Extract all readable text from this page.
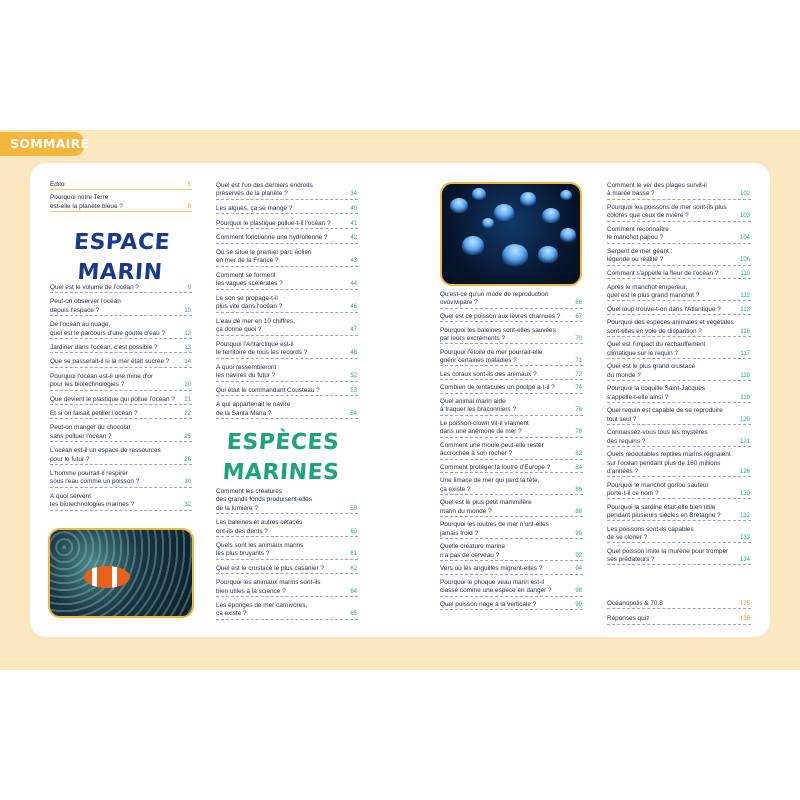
SOMMAIRE
ESPACE
MARIN
ESPÈCES
MARINES
Édito	5
Pourquoi notre Terre
est-elle la planète bleue ?	6
Quel est le volume de l'océan ?	9
Peut-on observer l'océan
depuis l'espace ?	10
De l'océan au nuage,
quel est le parcours d'une goutte d'eau ?	12
Jardiner dans l'océan, c'est possible ?	13
Que se passerait-il si la mer était sucrée ?	14
Pourquoi l'océan est-il une mine d'or
pour les biotechnologies ?	20
Que devient le plastique qui pollue l'océan ?	21
Et si on faisait pétiller l'océan ?	22
Peut-on manger du chocolat
sans polluer l'océan ?	25
L'océan est-il un espace de ressources
pour le futur ?	26
L'homme pourrait-il respirer
sous l'eau comme un poisson ?	30
À quoi servent
les biotechnologies marines ?	32
Quel est l'un des derniers endroits
préservés de la planète ?	34
Les algues, ça se mange ?	40
Pourquoi le plastique pollue-t-il l'océan ?	41
Comment fonctionne une hydrolienne ?	42
Où se situe le premier parc éolien
en mer de la France ?	43
Comment se forment
les vagues scélérates ?	44
Le son se propage-t-il
plus vite dans l'océan ?	46
L'eau de mer en 10 chiffres,
ça donne quoi ?	47
Pourquoi l'Antarctique est-il
le territoire de tous les records ?	48
À quoi ressembleront
les navires du futur ?	52
Qui était le commandant Cousteau ?	53
À qui appartenait le navire
de la Santa Maria ?	54
Comment les créatures
des grands fonds produisent-elles
de la lumière ?	59
Les baleines et autres cétacés
ont-ils des dents ?	60
Quels sont les animaux marins
les plus bruyants ?	61
Quel est le crustacé le plus casanier ?	62
Pourquoi les animaux marins sont-ils
bien utiles à la science ?	64
Les éponges de mer carnivores,
ça existe ?	65
Qu'est-ce qu'un mode de reproduction
ovovivipare ?	66
Quel est ce poisson aux lèvres charnues ?	67
Pourquoi les baleines sont-elles sauvées
par leurs excréments ?	70
Pourquoi l'étoile de mer pourrait-elle
guérir certaines maladies ?	71
Les coraux sont-ils des animaux ?	72
Combien de tentacules un poulpe a-t-il ?	74
Quel animal marin aide
à traquer les braconniers ?	76
Le poisson-clown vit-il vraiment
dans une anémone de mer ?	78
Comment une moule peut-elle rester
accrochée à son rocher ?	82
Comment protéger la loutre d'Europe ?	84
Une limace de mer qui perd la tête,
ça existe ?	86
Quel est le plus petit mammifère
marin du monde ?	88
Pourquoi les loutres de mer n'ont-elles
jamais froid ?	90
Quelle créature marine
n'a pas de cerveau ?	92
Vers où les anguilles migrent-elles ?	94
Pourquoi le phoque veau marin est-il
classé comme une espèce en danger ?	98
Quel poisson nage à la verticale ?	99
Comment le ver des plages survit-il
à marée basse ?	102
Pourquoi les poissons de mer sont-ils plus
colorés que ceux de rivière ?	103
Comment reconnaître
le manchot papou ?	104
Serpent de mer géant :
légende ou réalité ?	106
Comment s'appelle la fleur de l'océan ?	110
Après le manchot empereur,
quel est le plus grand manchot ?	112
Quel loup trouve-t-on dans l'Atlantique ?	113
Pourquoi des espèces animales et végétales
sont-elles en voie de disparition ?	116
Quel est l'impact du réchauffement
climatique sur le requin ?	117
Quel est le plus grand crustacé
du monde ?	118
Pourquoi la coquille Saint-Jacques
s'appelle-t-elle ainsi ?	119
Quel requin est capable de se reproduire
tout seul ?	120
Connaissez-vous tous les mystères
des requins ?	121
Quels redoutables reptiles marins régnaient
sur l'océan pendant plus de 160 millions
d'années ?	126
Pourquoi le manchot gorfou sauteur
porte-t-il ce nom ?	130
Pourquoi la sardine était-elle bien utile
pendant plusieurs siècles en Bretagne ?	132
Les poissons sont-ils capables
de se cloner ?	133
Quel poisson imite la murène pour tromper
ses prédateurs ?	134
Océanopolis & 70.8	135
Réponses quiz	136
